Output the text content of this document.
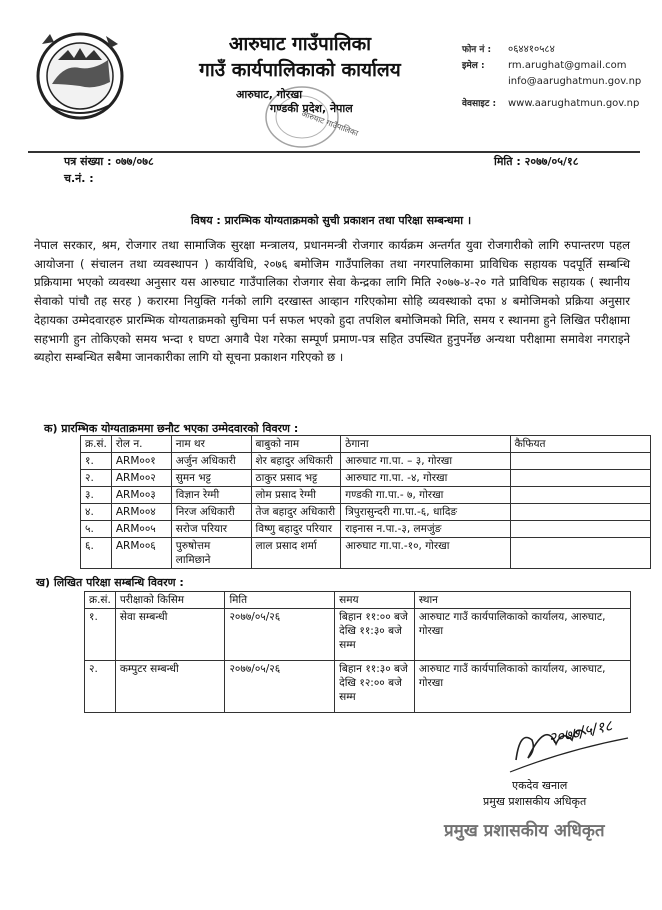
आरुघाट गाउँपालिका
गाउँ कार्यपालिकाको कार्यालय
आरुघाट, गोरखा
गण्डकी प्रदेश, नेपाल
आरुघाट गाउँपालिका
फोन नं : ०६४४१०५८४
इमेल : rm.arughat@gmail.com
info@aarughatmun.gov.np
वेवसाइट : www.aarughatmun.gov.np
पत्र संख्या : ०७७/०७८
च.नं. :
मिति : २०७७/०५/१८
विषय : प्रारम्भिक योग्यताक्रमको सुची प्रकाशन तथा परिक्षा सम्बन्धमा ।
नेपाल सरकार, श्रम, रोजगार तथा सामाजिक सुरक्षा मन्त्रालय, प्रधानमन्त्री रोजगार कार्यक्रम अन्तर्गत युवा रोजगारीको लागि रुपान्तरण पहल आयोजना ( संचालन तथा व्यवस्थापन ) कार्यविधि, २०७६ बमोजिम गाउँपालिका तथा नगरपालिकामा प्राविधिक सहायक पदपूर्ति सम्बन्धि प्रक्रियामा भएको व्यवस्था अनुसार यस आरुघाट गाउँपालिका रोजगार सेवा केन्द्रका लागि मिति २०७७-४-२० गते प्राविधिक सहायक ( स्थानीय सेवाको पांचौ तह सरह ) करारमा नियुक्ति गर्नको लागि दरखास्त आव्हान गरिएकोमा सोहि व्यवस्थाको दफा ४ बमोजिमको प्रक्रिया अनुसार देहायका उम्मेदवारहरु प्रारम्भिक योग्यताक्रमको सुचिमा पर्न सफल भएको हुदा तपशिल बमोजिमको मिति, समय र स्थानमा हुने लिखित परीक्षामा सहभागी हुन तोकिएको समय भन्दा १ घण्टा अगावै पेश गरेका सम्पूर्ण प्रमाण-पत्र सहित उपस्थित हुनुपर्नेछ अन्यथा परीक्षामा समावेश नगराइने ब्यहोरा सम्बन्धित सबैमा जानकारीका लागि यो सूचना प्रकाशन गरिएको छ ।
क) प्रारम्भिक योग्यताक्रममा छनौट भएका उम्मेदवारको विवरण :
क्र.सं.	रोल न.	नाम थर	बाबुको नाम	ठेगाना	कैफियत
१.	ARM००१	अर्जुन अधिकारी	शेर बहादुर अधिकारी	आरुघाट गा.पा. – ३, गोरखा	
२.	ARM००२	सुमन भट्ट	ठाकुर प्रसाद भट्ट	आरुघाट गा.पा. -४, गोरखा	
३.	ARM००३	विज्ञान रेग्मी	लोम प्रसाद रेग्मी	गण्डकी गा.पा.- ७, गोरखा	
४.	ARM००४	निरज अधिकारी	तेज बहादुर अधिकारी	त्रिपुरासुन्दरी गा.पा.-६, धादिङ	
५.	ARM००५	सरोज परियार	विष्णु बहादुर परियार	राइनास न.पा.-३, लमजुंङ	
६.	ARM००६	पुरुषोत्तम लामिछाने	लाल प्रसाद शर्मा	आरुघाट गा.पा.-१०, गोरखा	
ख) लिखित परिक्षा सम्बन्धि विवरण :
क्र.सं.	परीक्षाको किसिम	मिति	समय	स्थान
१.	सेवा सम्बन्धी	२०७७/०५/२६	बिहान ११:०० बजे देखि ११:३० बजे सम्म	आरुघाट गाउँ कार्यपालिकाको कार्यालय, आरुघाट, गोरखा
२.	कम्पुटर सम्बन्धी	२०७७/०५/२६	बिहान ११:३० बजे देखि १२:०० बजे सम्म	आरुघाट गाउँ कार्यपालिकाको कार्यालय, आरुघाट, गोरखा
२०७७/५/१८
एकदेव खनाल
प्रमुख प्रशासकीय अधिकृत
प्रमुख प्रशासकीय अधिकृत
